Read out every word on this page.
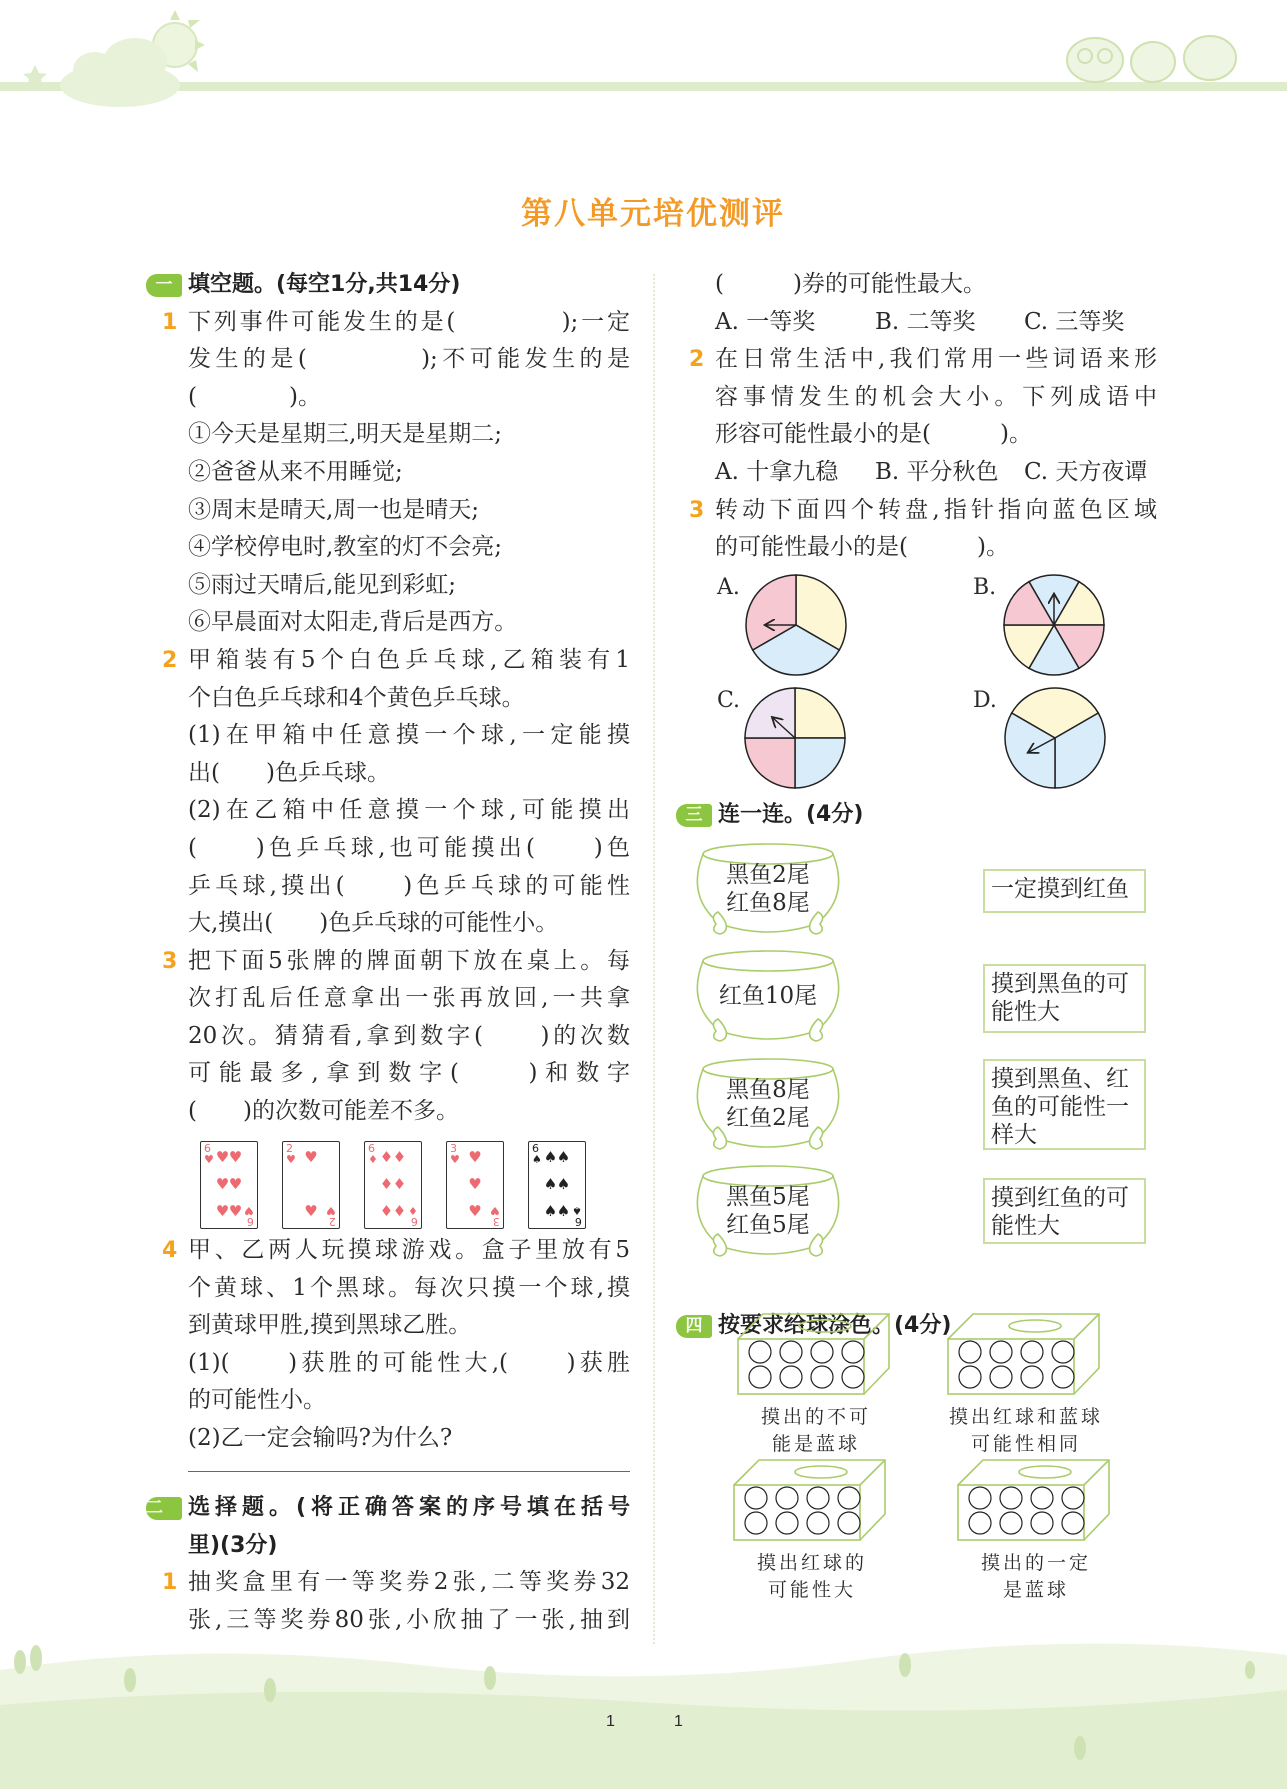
第八单元培优测评
一 填空题。(每空1分,共14分)
1 下列事件可能发生的是(　　　　);一定
发生的是(　　　　);不可能发生的是
(　　　　)。
①今天是星期三,明天是星期二;
②爸爸从来不用睡觉;
③周末是晴天,周一也是晴天;
④学校停电时,教室的灯不会亮;
⑤雨过天晴后,能见到彩虹;
⑥早晨面对太阳走,背后是西方。
2 甲箱装有5个白色乒乓球,乙箱装有1
个白色乒乓球和4个黄色乒乓球。
(1)在甲箱中任意摸一个球,一定能摸
出(　　)色乒乓球。
(2)在乙箱中任意摸一个球,可能摸出
(　　)色乒乓球,也可能摸出(　　)色
乒乓球,摸出(　　)色乒乓球的可能性
大,摸出(　　)色乒乓球的可能性小。
3 把下面5张牌的牌面朝下放在桌上。每
次打乱后任意拿出一张再放回,一共拿
20次。猜猜看,拿到数字(　　)的次数
可能最多,拿到数字(　　)和数字
(　　)的次数可能差不多。
6
♥
6
♥
♥ ♥
♥ ♥
♥ ♥
2
♥
2
♥
♥
♥
6
♦
6
♦
♦ ♦
♦ ♦
♦ ♦
3
♥
3
♥
♥
♥
♥
6
♠
6
♠
♠ ♠
♠ ♠
♠ ♠
4 甲、乙两人玩摸球游戏。盒子里放有5
个黄球、1个黑球。每次只摸一个球,摸
到黄球甲胜,摸到黑球乙胜。
(1)(　　)获胜的可能性大,(　　)获胜
的可能性小。
(2)乙一定会输吗?为什么?
二	选择题。(将正确答案的序号填在括号
里)(3分)
1 抽奖盒里有一等奖券2张,二等奖券32
张,三等奖券80张,小欣抽了一张,抽到
(　　　)券的可能性最大。
A. 一等奖	B. 二等奖 C. 三等奖
2 在日常生活中,我们常用一些词语来形
容事情发生的机会大小。下列成语中
形容可能性最小的是(　　　)。
A. 十拿九稳 B. 平分秋色 C. 天方夜谭
3 转动下面四个转盘,指针指向蓝色区域
的可能性最小的是(　　　)。
A.	B.
C.	D.
三 连一连。(4分)
黑鱼2尾
红鱼8尾
红鱼10尾
黑鱼8尾
红鱼2尾
黑鱼5尾
红鱼5尾
一定摸到红鱼
摸到黑鱼的可
能性大
摸到黑鱼、红
鱼的可能性一
样大
摸到红鱼的可
能性大
四 按要求给球涂色。(4分)
摸出的不可
能是蓝球
摸出红球和蓝球
可能性相同
摸出红球的
可能性大
摸出的一定
是蓝球
1	1
